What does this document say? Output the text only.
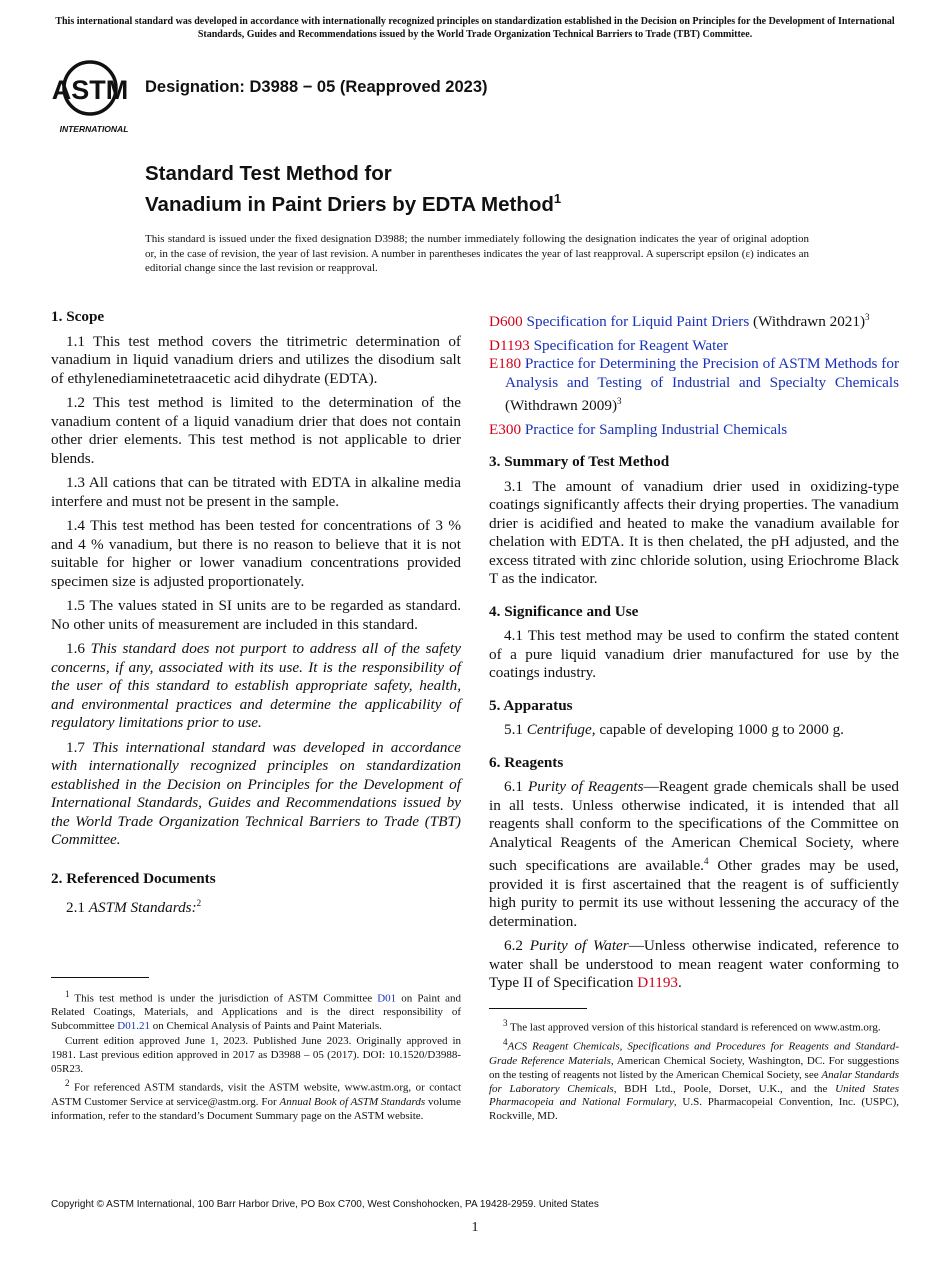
This international standard was developed in accordance with internationally recognized principles on standardization established in the Decision on Principles for the Development of International Standards, Guides and Recommendations issued by the World Trade Organization Technical Barriers to Trade (TBT) Committee.
ASTM
INTERNATIONAL
Designation: D3988 − 05 (Reapproved 2023)
Standard Test Method for
Vanadium in Paint Driers by EDTA Method$^1$
This standard is issued under the fixed designation D3988; the number immediately following the designation indicates the year of original adoption or, in the case of revision, the year of last revision. A number in parentheses indicates the year of last reapproval. A superscript epsilon (ε) indicates an editorial change since the last revision or reapproval.
1. Scope

1.1 This test method covers the titrimetric determination of vanadium in liquid vanadium driers and utilizes the disodium salt of ethylenediaminetetraacetic acid dihydrate (EDTA).

1.2 This test method is limited to the determination of the vanadium content of a liquid vanadium drier that does not contain other drier elements. This test method is not applicable to drier blends.

1.3 All cations that can be titrated with EDTA in alkaline media interfere and must not be present in the sample.

1.4 This test method has been tested for concentrations of 3 % and 4 % vanadium, but there is no reason to believe that it is not suitable for higher or lower vanadium concentrations provided specimen size is adjusted proportionately.

1.5 The values stated in SI units are to be regarded as standard. No other units of measurement are included in this standard.

1.6 This standard does not purport to address all of the safety concerns, if any, associated with its use. It is the responsibility of the user of this standard to establish appropriate safety, health, and environmental practices and determine the applicability of regulatory limitations prior to use.

1.7 This international standard was developed in accordance with internationally recognized principles on standardization established in the Decision on Principles for the Development of International Standards, Guides and Recommendations issued by the World Trade Organization Technical Barriers to Trade (TBT) Committee.

2. Referenced Documents

2.1 ASTM Standards:$^2$

$^1$ This test method is under the jurisdiction of ASTM Committee D01 on Paint and Related Coatings, Materials, and Applications and is the direct responsibility of Subcommittee D01.21 on Chemical Analysis of Paints and Paint Materials.

Current edition approved June 1, 2023. Published June 2023. Originally approved in 1981. Last previous edition approved in 2017 as D3988 – 05 (2017). DOI: 10.1520/D3988-05R23.

$^2$ For referenced ASTM standards, visit the ASTM website, www.astm.org, or contact ASTM Customer Service at service@astm.org. For Annual Book of ASTM Standards volume information, refer to the standard’s Document Summary page on the ASTM website.

D600 Specification for Liquid Paint Driers (Withdrawn 2021)$^3$

D1193 Specification for Reagent Water

E180 Practice for Determining the Precision of ASTM Methods for Analysis and Testing of Industrial and Specialty Chemicals (Withdrawn 2009)$^3$

E300 Practice for Sampling Industrial Chemicals

3. Summary of Test Method

3.1 The amount of vanadium drier used in oxidizing-type coatings significantly affects their drying properties. The vanadium drier is acidified and heated to make the vanadium available for chelation with EDTA. It is then chelated, the pH adjusted, and the excess titrated with zinc chloride solution, using Eriochrome Black T as the indicator.

4. Significance and Use

4.1 This test method may be used to confirm the stated content of a pure liquid vanadium drier manufactured for use by the coatings industry.

5. Apparatus

5.1 Centrifuge, capable of developing 1000 g to 2000 g.

6. Reagents

6.1 Purity of Reagents—Reagent grade chemicals shall be used in all tests. Unless otherwise indicated, it is intended that all reagents shall conform to the specifications of the Committee on Analytical Reagents of the American Chemical Society, where such specifications are available.$^4$ Other grades may be used, provided it is first ascertained that the reagent is of sufficiently high purity to permit its use without lessening the accuracy of the determination.

6.2 Purity of Water—Unless otherwise indicated, reference to water shall be understood to mean reagent water conforming to Type II of Specification D1193.

$^3$ The last approved version of this historical standard is referenced on www.astm.org.

$^4$ACS Reagent Chemicals, Specifications and Procedures for Reagents and Standard-Grade Reference Materials, American Chemical Society, Washington, DC. For suggestions on the testing of reagents not listed by the American Chemical Society, see Analar Standards for Laboratory Chemicals, BDH Ltd., Poole, Dorset, U.K., and the United States Pharmacopeia and National Formulary, U.S. Pharmacopeial Convention, Inc. (USPC), Rockville, MD.

Copyright © ASTM International, 100 Barr Harbor Drive, PO Box C700, West Conshohocken, PA 19428-2959. United States
1
